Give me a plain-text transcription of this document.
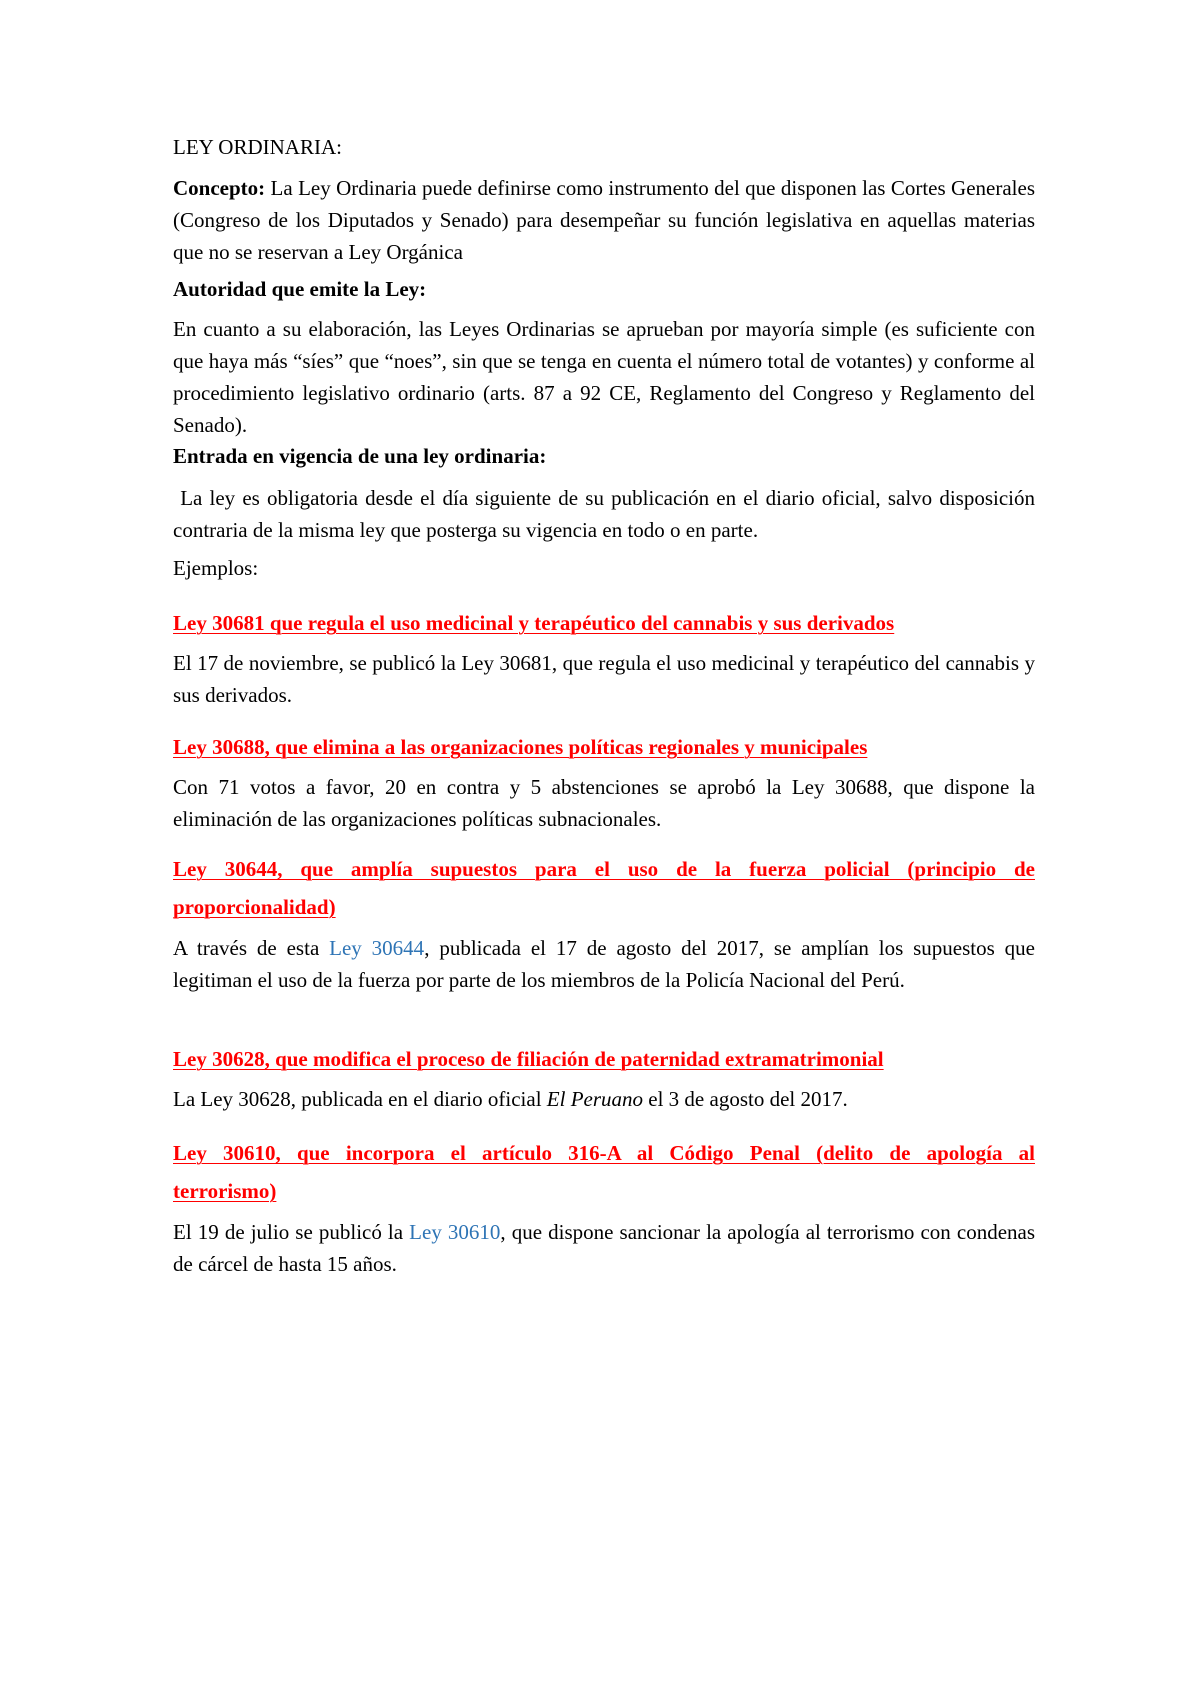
LEY ORDINARIA:

Concepto: La Ley Ordinaria puede definirse como instrumento del que disponen las Cortes Generales (Congreso de los Diputados y Senado) para desempeñar su función legislativa en aquellas materias que no se reservan a Ley Orgánica

Autoridad que emite la Ley:

En cuanto a su elaboración, las Leyes Ordinarias se aprueban por mayoría simple (es suficiente con que haya más “síes” que “noes”, sin que se tenga en cuenta el número total de votantes) y conforme al procedimiento legislativo ordinario (arts. 87 a 92 CE, Reglamento del Congreso y Reglamento del Senado).

Entrada en vigencia de una ley ordinaria:

La ley es obligatoria desde el día siguiente de su publicación en el diario oficial, salvo disposición contraria de la misma ley que posterga su vigencia en todo o en parte.

Ejemplos:

Ley 30681 que regula el uso medicinal y terapéutico del cannabis y sus derivados

El 17 de noviembre, se publicó la Ley 30681, que regula el uso medicinal y terapéutico del cannabis y sus derivados.

Ley 30688, que elimina a las organizaciones políticas regionales y municipales

Con 71 votos a favor, 20 en contra y 5 abstenciones se aprobó la Ley 30688, que dispone la eliminación de las organizaciones políticas subnacionales.

Ley 30644, que amplía supuestos para el uso de la fuerza policial (principio de

proporcionalidad)

A través de esta Ley 30644, publicada el 17 de agosto del 2017, se amplían los supuestos que legitiman el uso de la fuerza por parte de los miembros de la Policía Nacional del Perú.

Ley 30628, que modifica el proceso de filiación de paternidad extramatrimonial

La Ley 30628, publicada en el diario oficial El Peruano el 3 de agosto del 2017.

Ley 30610, que incorpora el artículo 316-A al Código Penal (delito de apología al

terrorismo)

El 19 de julio se publicó la Ley 30610, que dispone sancionar la apología al terrorismo con condenas de cárcel de hasta 15 años.
